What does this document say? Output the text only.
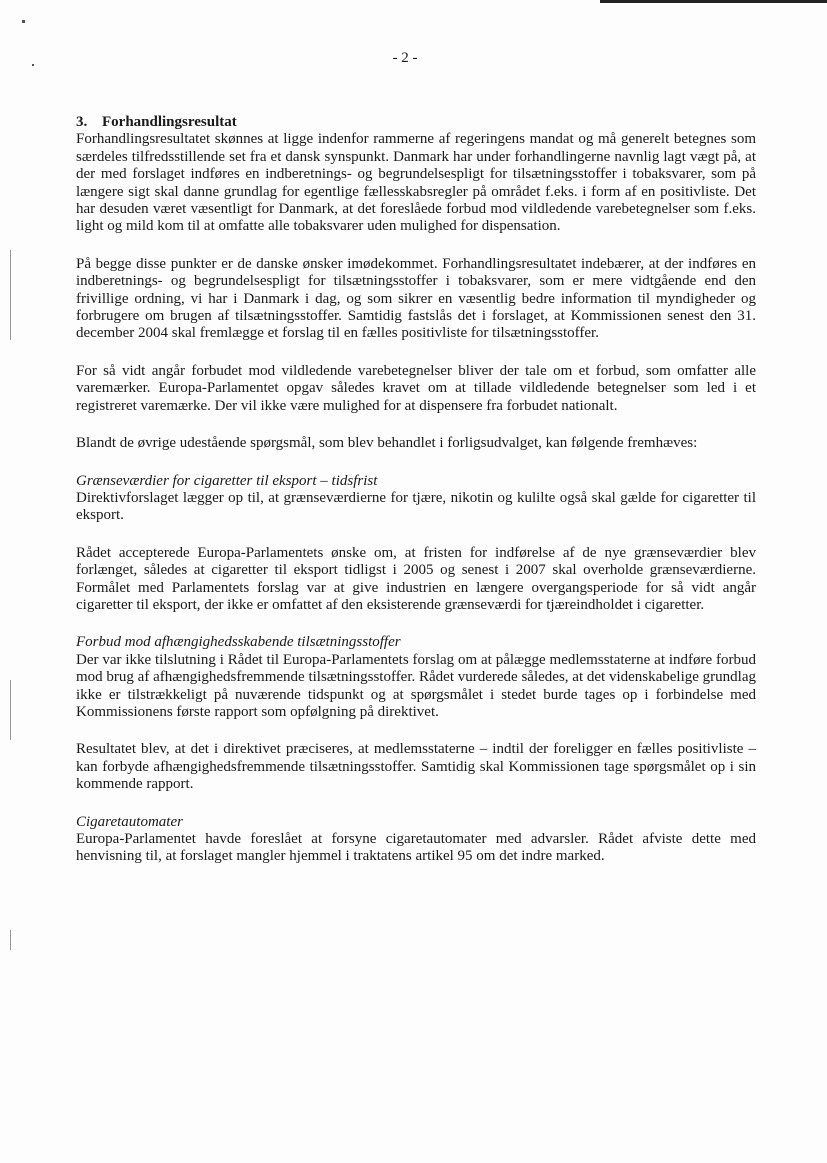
- 2 -
3. Forhandlingsresultat

Forhandlingsresultatet skønnes at ligge indenfor rammerne af regeringens mandat og må generelt betegnes som særdeles tilfredsstillende set fra et dansk synspunkt. Danmark har under forhandlingerne navnlig lagt vægt på, at der med forslaget indføres en indberetnings- og begrundelsespligt for tilsætningsstoffer i tobaksvarer, som på længere sigt skal danne grundlag for egentlige fællesskabsregler på området f.eks. i form af en positivliste. Det har desuden været væsentligt for Danmark, at det foreslåede forbud mod vildledende varebetegnelser som f.eks. light og mild kom til at omfatte alle tobaksvarer uden mulighed for dispensation.

På begge disse punkter er de danske ønsker imødekommet. Forhandlingsresultatet indebærer, at der indføres en indberetnings- og begrundelsespligt for tilsætningsstoffer i tobaksvarer, som er mere vidtgående end den frivillige ordning, vi har i Danmark i dag, og som sikrer en væsentlig bedre information til myndigheder og forbrugere om brugen af tilsætningsstoffer. Samtidig fastslås det i forslaget, at Kommissionen senest den 31. december 2004 skal fremlægge et forslag til en fælles positivliste for tilsætningsstoffer.

For så vidt angår forbudet mod vildledende varebetegnelser bliver der tale om et forbud, som omfatter alle varemærker. Europa-Parlamentet opgav således kravet om at tillade vildledende betegnelser som led i et registreret varemærke. Der vil ikke være mulighed for at dispensere fra forbudet nationalt.

Blandt de øvrige udestående spørgsmål, som blev behandlet i forligsudvalget, kan følgende fremhæves:

Grænseværdier for cigaretter til eksport – tidsfrist

Direktivforslaget lægger op til, at grænseværdierne for tjære, nikotin og kulilte også skal gælde for cigaretter til eksport.

Rådet accepterede Europa-Parlamentets ønske om, at fristen for indførelse af de nye grænseværdier blev forlænget, således at cigaretter til eksport tidligst i 2005 og senest i 2007 skal overholde grænseværdierne. Formålet med Parlamentets forslag var at give industrien en længere overgangsperiode for så vidt angår cigaretter til eksport, der ikke er omfattet af den eksisterende grænseværdi for tjæreindholdet i cigaretter.

Forbud mod afhængighedsskabende tilsætningsstoffer

Der var ikke tilslutning i Rådet til Europa-Parlamentets forslag om at pålægge medlemsstaterne at indføre forbud mod brug af afhængighedsfremmende tilsætningsstoffer. Rådet vurderede således, at det videnskabelige grundlag ikke er tilstrækkeligt på nuværende tidspunkt og at spørgsmålet i stedet burde tages op i forbindelse med Kommissionens første rapport som opfølgning på direktivet.

Resultatet blev, at det i direktivet præciseres, at medlemsstaterne – indtil der foreligger en fælles positivliste – kan forbyde afhængighedsfremmende tilsætningsstoffer. Samtidig skal Kommissionen tage spørgsmålet op i sin kommende rapport.

Cigaretautomater

Europa-Parlamentet havde foreslået at forsyne cigaretautomater med advarsler. Rådet afviste dette med henvisning til, at forslaget mangler hjemmel i traktatens artikel 95 om det indre marked.
